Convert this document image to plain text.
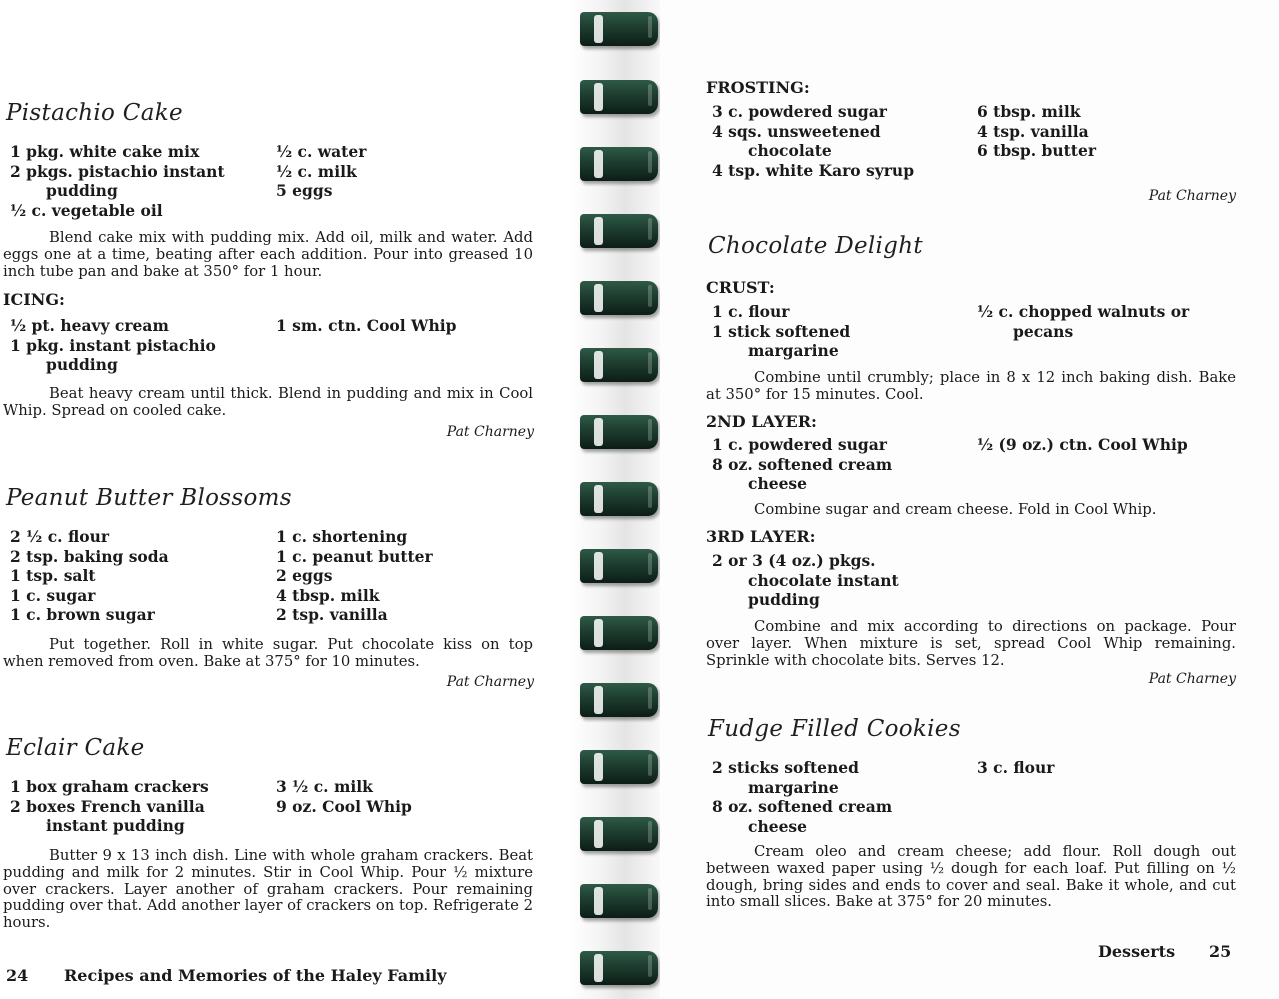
Pistachio Cake
1 pkg. white cake mix
2 pkgs. pistachio instant
pudding
½ c. vegetable oil
½ c. water
½ c. milk
5 eggs

Blend cake mix with pudding mix. Add oil, milk and water. Add eggs one at a time, beating after each addition. Pour into greased 10 inch tube pan and bake at 350° for 1 hour.

ICING:
½ pt. heavy cream
1 pkg. instant pistachio
pudding
1 sm. ctn. Cool Whip

Beat heavy cream until thick. Blend in pudding and mix in Cool Whip. Spread on cooled cake.

Pat Charney

Peanut Butter Blossoms
2 ½ c. flour
2 tsp. baking soda
1 tsp. salt
1 c. sugar
1 c. brown sugar
1 c. shortening
1 c. peanut butter
2 eggs
4 tbsp. milk
2 tsp. vanilla

Put together. Roll in white sugar. Put chocolate kiss on top when removed from oven. Bake at 375° for 10 minutes.

Pat Charney

Eclair Cake
1 box graham crackers
2 boxes French vanilla
instant pudding
3 ½ c. milk
9 oz. Cool Whip

Butter 9 x 13 inch dish. Line with whole graham crackers. Beat pudding and milk for 2 minutes. Stir in Cool Whip. Pour ½ mixture over crackers. Layer another of graham crackers. Pour remaining pudding over that. Add another layer of crackers on top. Refrigerate 2 hours.

24 Recipes and Memories of the Haley Family

FROSTING:
3 c. powdered sugar
4 sqs. unsweetened
chocolate
4 tsp. white Karo syrup
6 tbsp. milk
4 tsp. vanilla
6 tbsp. butter

Pat Charney

Chocolate Delight
CRUST:
1 c. flour
1 stick softened
margarine
½ c. chopped walnuts or
pecans

Combine until crumbly; place in 8 x 12 inch baking dish. Bake at 350° for 15 minutes. Cool.

2ND LAYER:
1 c. powdered sugar
8 oz. softened cream
cheese
½ (9 oz.) ctn. Cool Whip

Combine sugar and cream cheese. Fold in Cool Whip.

3RD LAYER:
2 or 3 (4 oz.) pkgs.
chocolate instant
pudding

Combine and mix according to directions on package. Pour over layer. When mixture is set, spread Cool Whip remaining. Sprinkle with chocolate bits. Serves 12.

Pat Charney

Fudge Filled Cookies
2 sticks softened
margarine
8 oz. softened cream
cheese
3 c. flour

Cream oleo and cream cheese; add flour. Roll dough out between waxed paper using ½ dough for each loaf. Put filling on ½ dough, bring sides and ends to cover and seal. Bake it whole, and cut into small slices. Bake at 375° for 20 minutes.

Desserts 25
